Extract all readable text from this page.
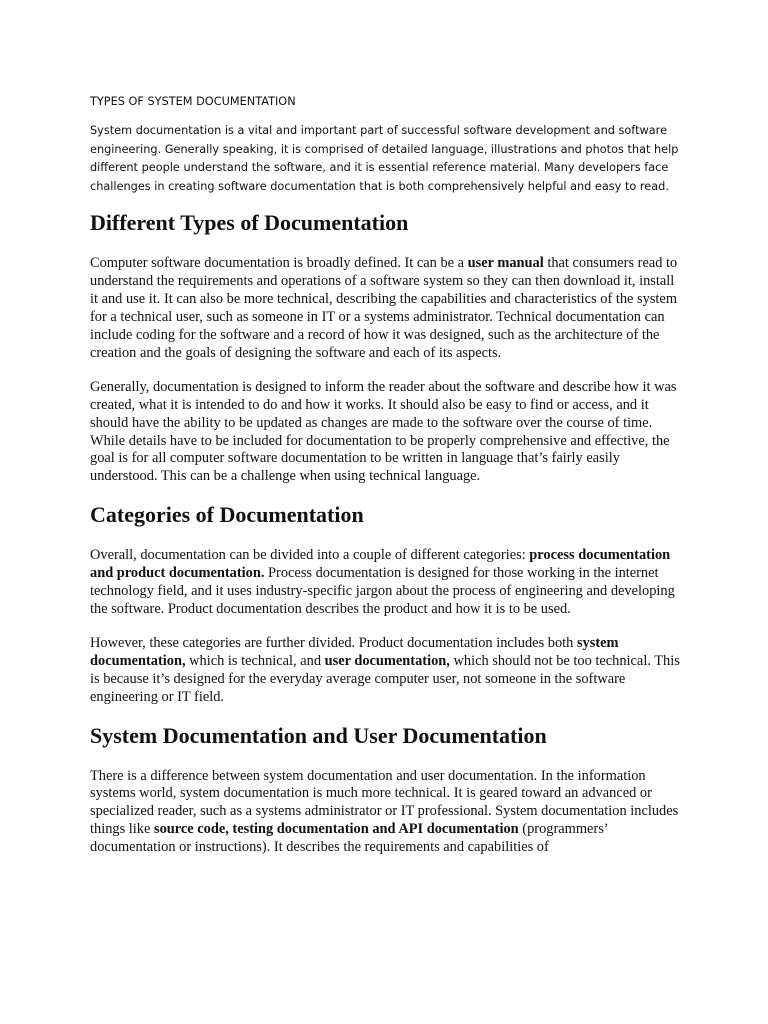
TYPES OF SYSTEM DOCUMENTATION

System documentation is a vital and important part of successful software development and software engineering. Generally speaking, it is comprised of detailed language, illustrations and photos that help different people understand the software, and it is essential reference material. Many developers face challenges in creating software documentation that is both comprehensively helpful and easy to read.

Different Types of Documentation

Computer software documentation is broadly defined. It can be a user manual that consumers read to understand the requirements and operations of a software system so they can then download it, install it and use it. It can also be more technical, describing the capabilities and characteristics of the system for a technical user, such as someone in IT or a systems administrator. Technical documentation can include coding for the software and a record of how it was designed, such as the architecture of the creation and the goals of designing the software and each of its aspects.

Generally, documentation is designed to inform the reader about the software and describe how it was created, what it is intended to do and how it works. It should also be easy to find or access, and it should have the ability to be updated as changes are made to the software over the course of time. While details have to be included for documentation to be properly comprehensive and effective, the goal is for all computer software documentation to be written in language that’s fairly easily understood. This can be a challenge when using technical language.

Categories of Documentation

Overall, documentation can be divided into a couple of different categories: process documentation and product documentation. Process documentation is designed for those working in the internet technology field, and it uses industry-specific jargon about the process of engineering and developing the software. Product documentation describes the product and how it is to be used.

However, these categories are further divided. Product documentation includes both system documentation, which is technical, and user documentation, which should not be too technical. This is because it’s designed for the everyday average computer user, not someone in the software engineering or IT field.

System Documentation and User Documentation

There is a difference between system documentation and user documentation. In the information systems world, system documentation is much more technical. It is geared toward an advanced or specialized reader, such as a systems administrator or IT professional. System documentation includes things like source code, testing documentation and API documentation (programmers’ documentation or instructions). It describes the requirements and capabilities of
